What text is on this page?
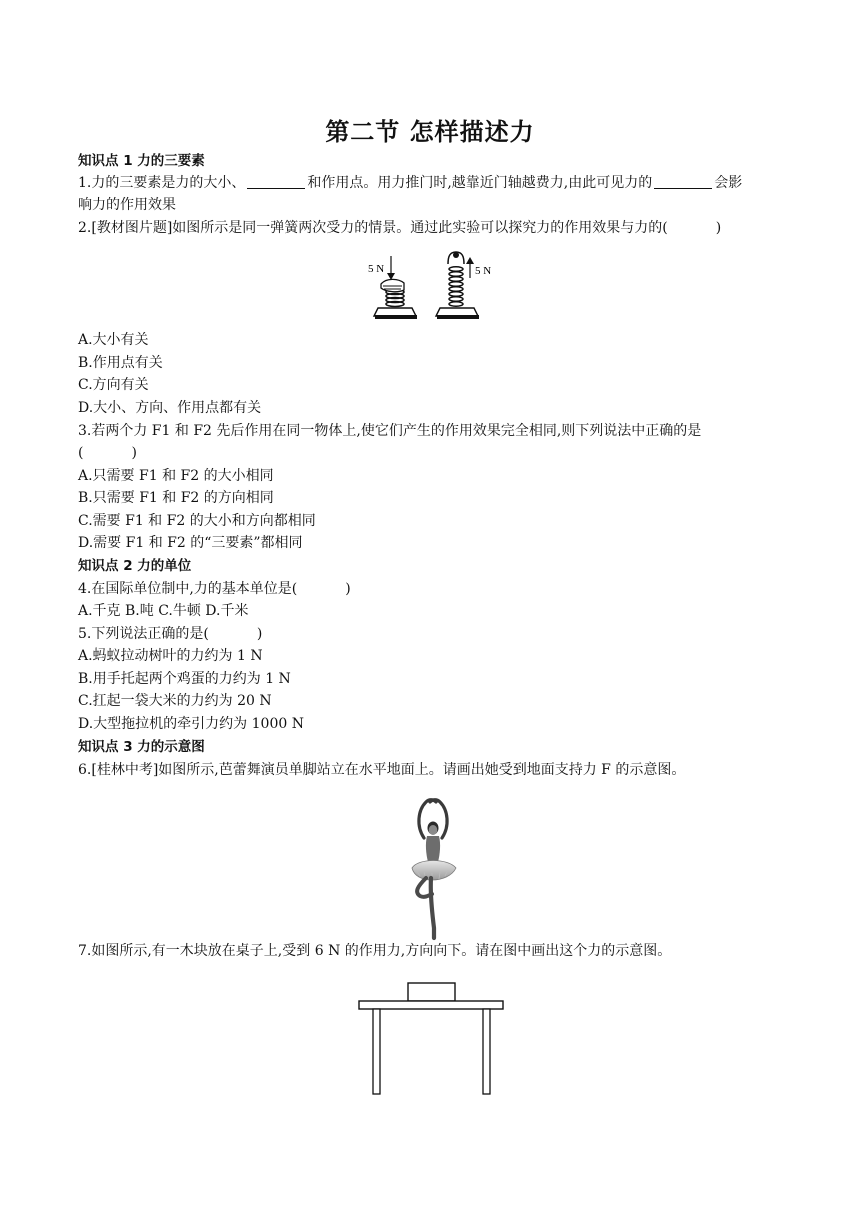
第二节 怎样描述力
知识点 1 力的三要素
1.力的三要素是力的大小、	和作用点。用力推门时,越靠近门轴越费力,由此可见力的	会影
响力的作用效果
2.[教材图片题]如图所示是同一弹簧两次受力的情景。通过此实验可以探究力的作用效果与力的(	)
5 N	5 N
A.大小有关
B.作用点有关
C.方向有关
D.大小、方向、作用点都有关
3.若两个力 F1 和 F2 先后作用在同一物体上,使它们产生的作用效果完全相同,则下列说法中正确的是
(	)
A.只需要 F1 和 F2 的大小相同
B.只需要 F1 和 F2 的方向相同
C.需要 F1 和 F2 的大小和方向都相同
D.需要 F1 和 F2 的“三要素”都相同
知识点 2 力的单位
4.在国际单位制中,力的基本单位是(	)
A.千克 B.吨 C.牛顿 D.千米
5.下列说法正确的是(	)
A.蚂蚁拉动树叶的力约为 1 N
B.用手托起两个鸡蛋的力约为 1 N
C.扛起一袋大米的力约为 20 N
D.大型拖拉机的牵引力约为 1000 N
知识点 3 力的示意图
6.[桂林中考]如图所示,芭蕾舞演员单脚站立在水平地面上。请画出她受到地面支持力 F 的示意图。
7.如图所示,有一木块放在桌子上,受到 6 N 的作用力,方向向下。请在图中画出这个力的示意图。
